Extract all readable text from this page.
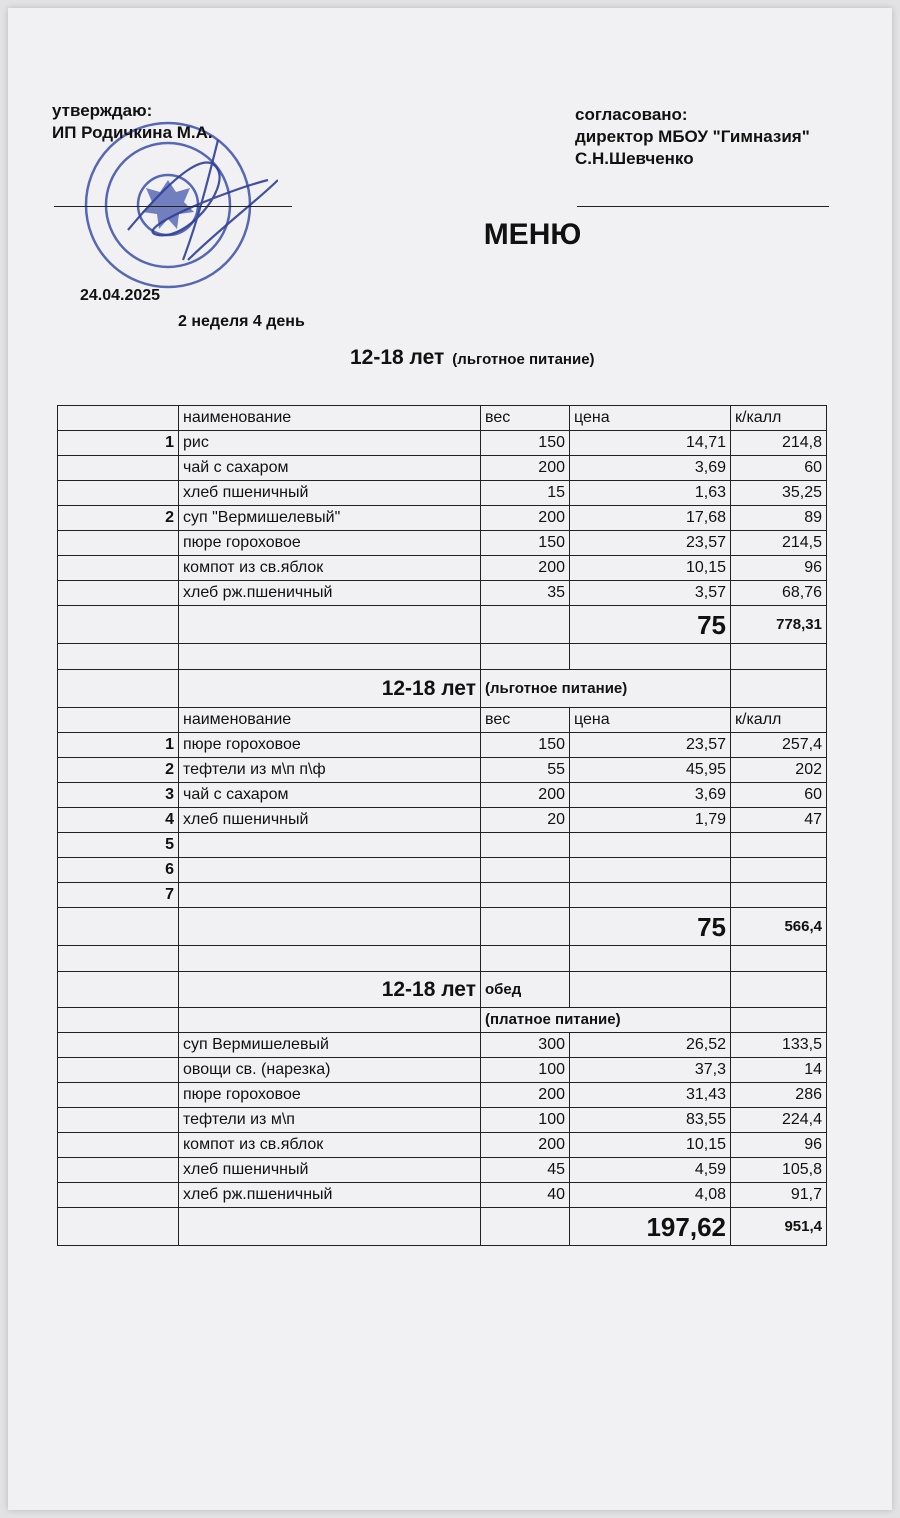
утверждаю:
ИП Родичкина М.А.
согласовано:
директор МБОУ "Гимназия"
С.Н.Шевченко
МЕНЮ
24.04.2025
2 неделя 4 день
12-18 лет (льготное питание)
	наименование	вес	цена	к/калл
1	рис	150	14,71	214,8
	чай с сахаром	200	3,69	60
	хлеб пшеничный	15	1,63	35,25
2	суп "Вермишелевый"	200	17,68	89
	пюре гороховое	150	23,57	214,5
	компот из св.яблок	200	10,15	96
	хлеб рж.пшеничный	35	3,57	68,76
			75	778,31

	12-18 лет	(льготное питание)		
	наименование	вес	цена	к/калл
1	пюре гороховое	150	23,57	257,4
2	тефтели из м\п п\ф	55	45,95	202
3	чай с сахаром	200	3,69	60
4	хлеб пшеничный	20	1,79	47
5				
6				
7				
			75	566,4

	12-18 лет	обед		
		(платное питание)		
	суп Вермишелевый	300	26,52	133,5
	овощи св. (нарезка)	100	37,3	14
	пюре гороховое	200	31,43	286
	тефтели из м\п	100	83,55	224,4
	компот из св.яблок	200	10,15	96
	хлеб пшеничный	45	4,59	105,8
	хлеб рж.пшеничный	40	4,08	91,7
			197,62	951,4
